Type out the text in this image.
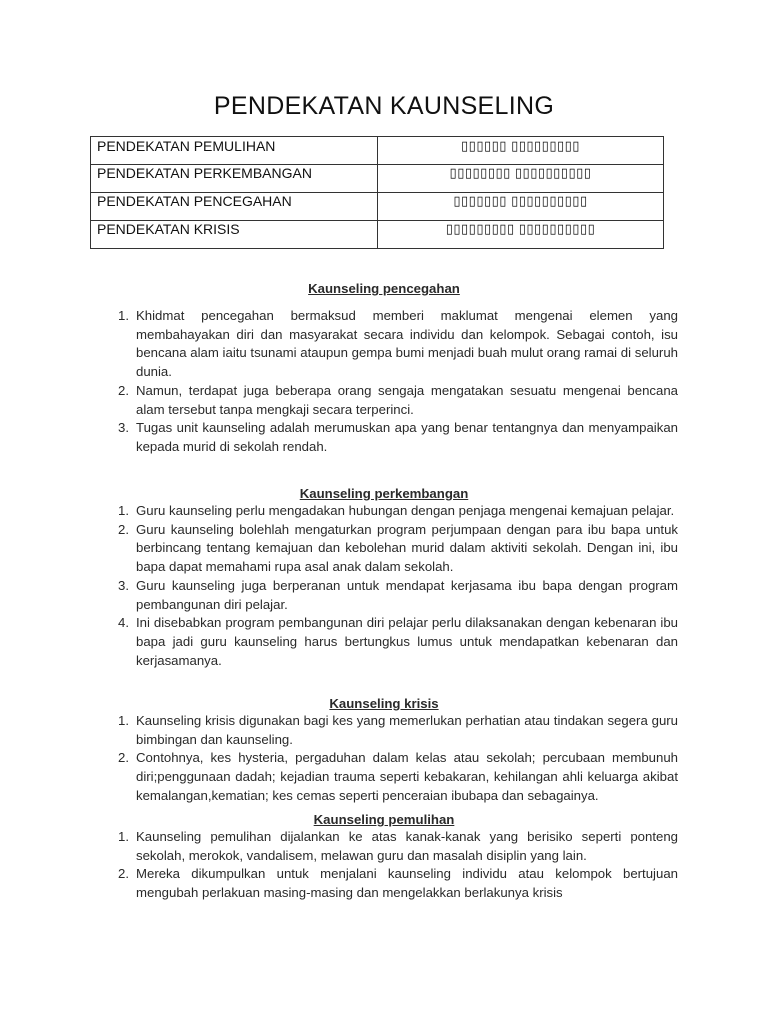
PENDEKATAN KAUNSELING
PENDEKATAN PEMULIHAN	▯▯▯▯▯▯ ▯▯▯▯▯▯▯▯▯
PENDEKATAN PERKEMBANGAN	▯▯▯▯▯▯▯▯ ▯▯▯▯▯▯▯▯▯▯
PENDEKATAN PENCEGAHAN	▯▯▯▯▯▯▯ ▯▯▯▯▯▯▯▯▯▯
PENDEKATAN KRISIS	▯▯▯▯▯▯▯▯▯ ▯▯▯▯▯▯▯▯▯▯
Kaunseling pencegahan
1. Khidmat pencegahan bermaksud memberi maklumat mengenai elemen yang membahayakan diri dan masyarakat secara individu dan kelompok. Sebagai contoh, isu bencana alam iaitu tsunami ataupun gempa bumi menjadi buah mulut orang ramai di seluruh dunia.
2. Namun, terdapat juga beberapa orang sengaja mengatakan sesuatu mengenai bencana alam tersebut tanpa mengkaji secara terperinci.
3. Tugas unit kaunseling adalah merumuskan apa yang benar tentangnya dan menyampaikan kepada murid di sekolah rendah.
Kaunseling perkembangan
1. Guru kaunseling perlu mengadakan hubungan dengan penjaga mengenai kemajuan pelajar.
2. Guru kaunseling bolehlah mengaturkan program perjumpaan dengan para ibu bapa untuk berbincang tentang kemajuan dan kebolehan murid dalam aktiviti sekolah. Dengan ini, ibu bapa dapat memahami rupa asal anak dalam sekolah.
3. Guru kaunseling juga berperanan untuk mendapat kerjasama ibu bapa dengan program pembangunan diri pelajar.
4. Ini disebabkan program pembangunan diri pelajar perlu dilaksanakan dengan kebenaran ibu bapa jadi guru kaunseling harus bertungkus lumus untuk mendapatkan kebenaran dan kerjasamanya.
Kaunseling krisis
1. Kaunseling krisis digunakan bagi kes yang memerlukan perhatian atau tindakan segera guru bimbingan dan kaunseling.
2. Contohnya, kes hysteria, pergaduhan dalam kelas atau sekolah; percubaan membunuh diri;penggunaan dadah; kejadian trauma seperti kebakaran, kehilangan ahli keluarga akibat kemalangan,kematian; kes cemas seperti penceraian ibubapa dan sebagainya.
Kaunseling pemulihan
1. Kaunseling pemulihan dijalankan ke atas kanak-kanak yang berisiko seperti ponteng sekolah, merokok, vandalisem, melawan guru dan masalah disiplin yang lain.
2. Mereka dikumpulkan untuk menjalani kaunseling individu atau kelompok bertujuan mengubah perlakuan masing-masing dan mengelakkan berlakunya krisis
